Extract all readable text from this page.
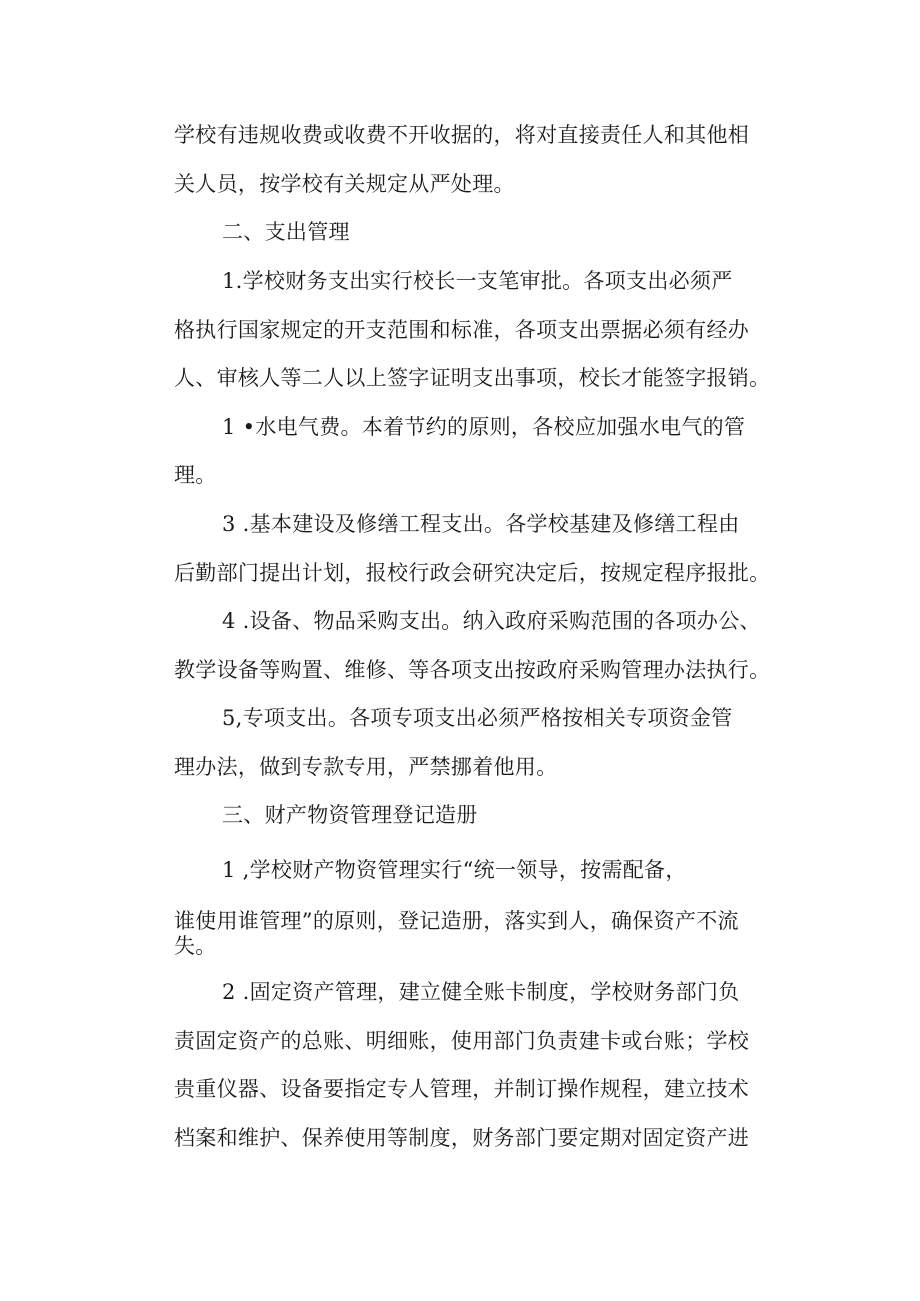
学校有违规收费或收费不开收据的，将对直接责任人和其他相
关人员，按学校有关规定从严处理。
二、支出管理
1.学校财务支出实行校长一支笔审批。各项支出必须严
格执行国家规定的开支范围和标准，各项支出票据必须有经办
人、审核人等二人以上签字证明支出事项，校长才能签字报销。
1 •水电气费。本着节约的原则，各校应加强水电气的管
理。
3 .基本建设及修缮工程支出。各学校基建及修缮工程由
后勤部门提出计划，报校行政会研究决定后，按规定程序报批。
4 .设备、物品采购支出。纳入政府采购范围的各项办公、
教学设备等购置、维修、等各项支出按政府采购管理办法执行。
5,专项支出。各项专项支出必须严格按相关专项资金管
理办法，做到专款专用，严禁挪着他用。
三、财产物资管理登记造册
1 ,学校财产物资管理实行“统一领导，按需配备，
谁使用谁管理”的原则，登记造册，落实到人，确保资产不流
失。
2 .固定资产管理，建立健全账卡制度，学校财务部门负
责固定资产的总账、明细账，使用部门负责建卡或台账；学校
贵重仪器、设备要指定专人管理，并制订操作规程，建立技术
档案和维护、保养使用等制度，财务部门要定期对固定资产进
